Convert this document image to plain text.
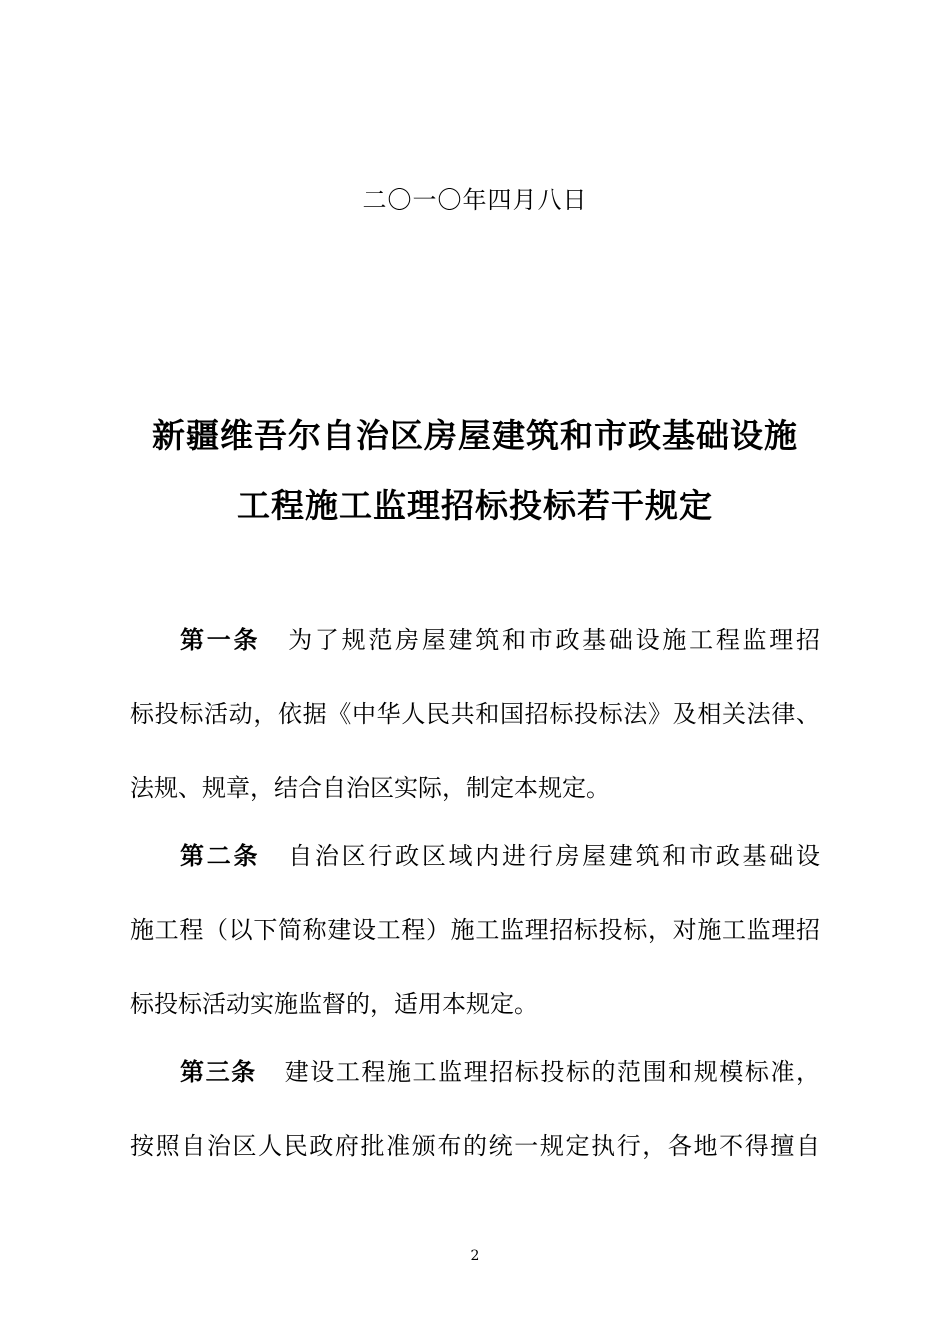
二〇一〇年四月八日

新疆维吾尔自治区房屋建筑和市政基础设施
工程施工监理招标投标若干规定

第一条 为了规范房屋建筑和市政基础设施工程监理招

标投标活动，依据《中华人民共和国招标投标法》及相关法律、

法规、规章，结合自治区实际，制定本规定。

第二条 自治区行政区域内进行房屋建筑和市政基础设

施工程（以下简称建设工程）施工监理招标投标，对施工监理招

标投标活动实施监督的，适用本规定。

第三条 建设工程施工监理招标投标的范围和规模标准，

按照自治区人民政府批准颁布的统一规定执行，各地不得擅自

2
